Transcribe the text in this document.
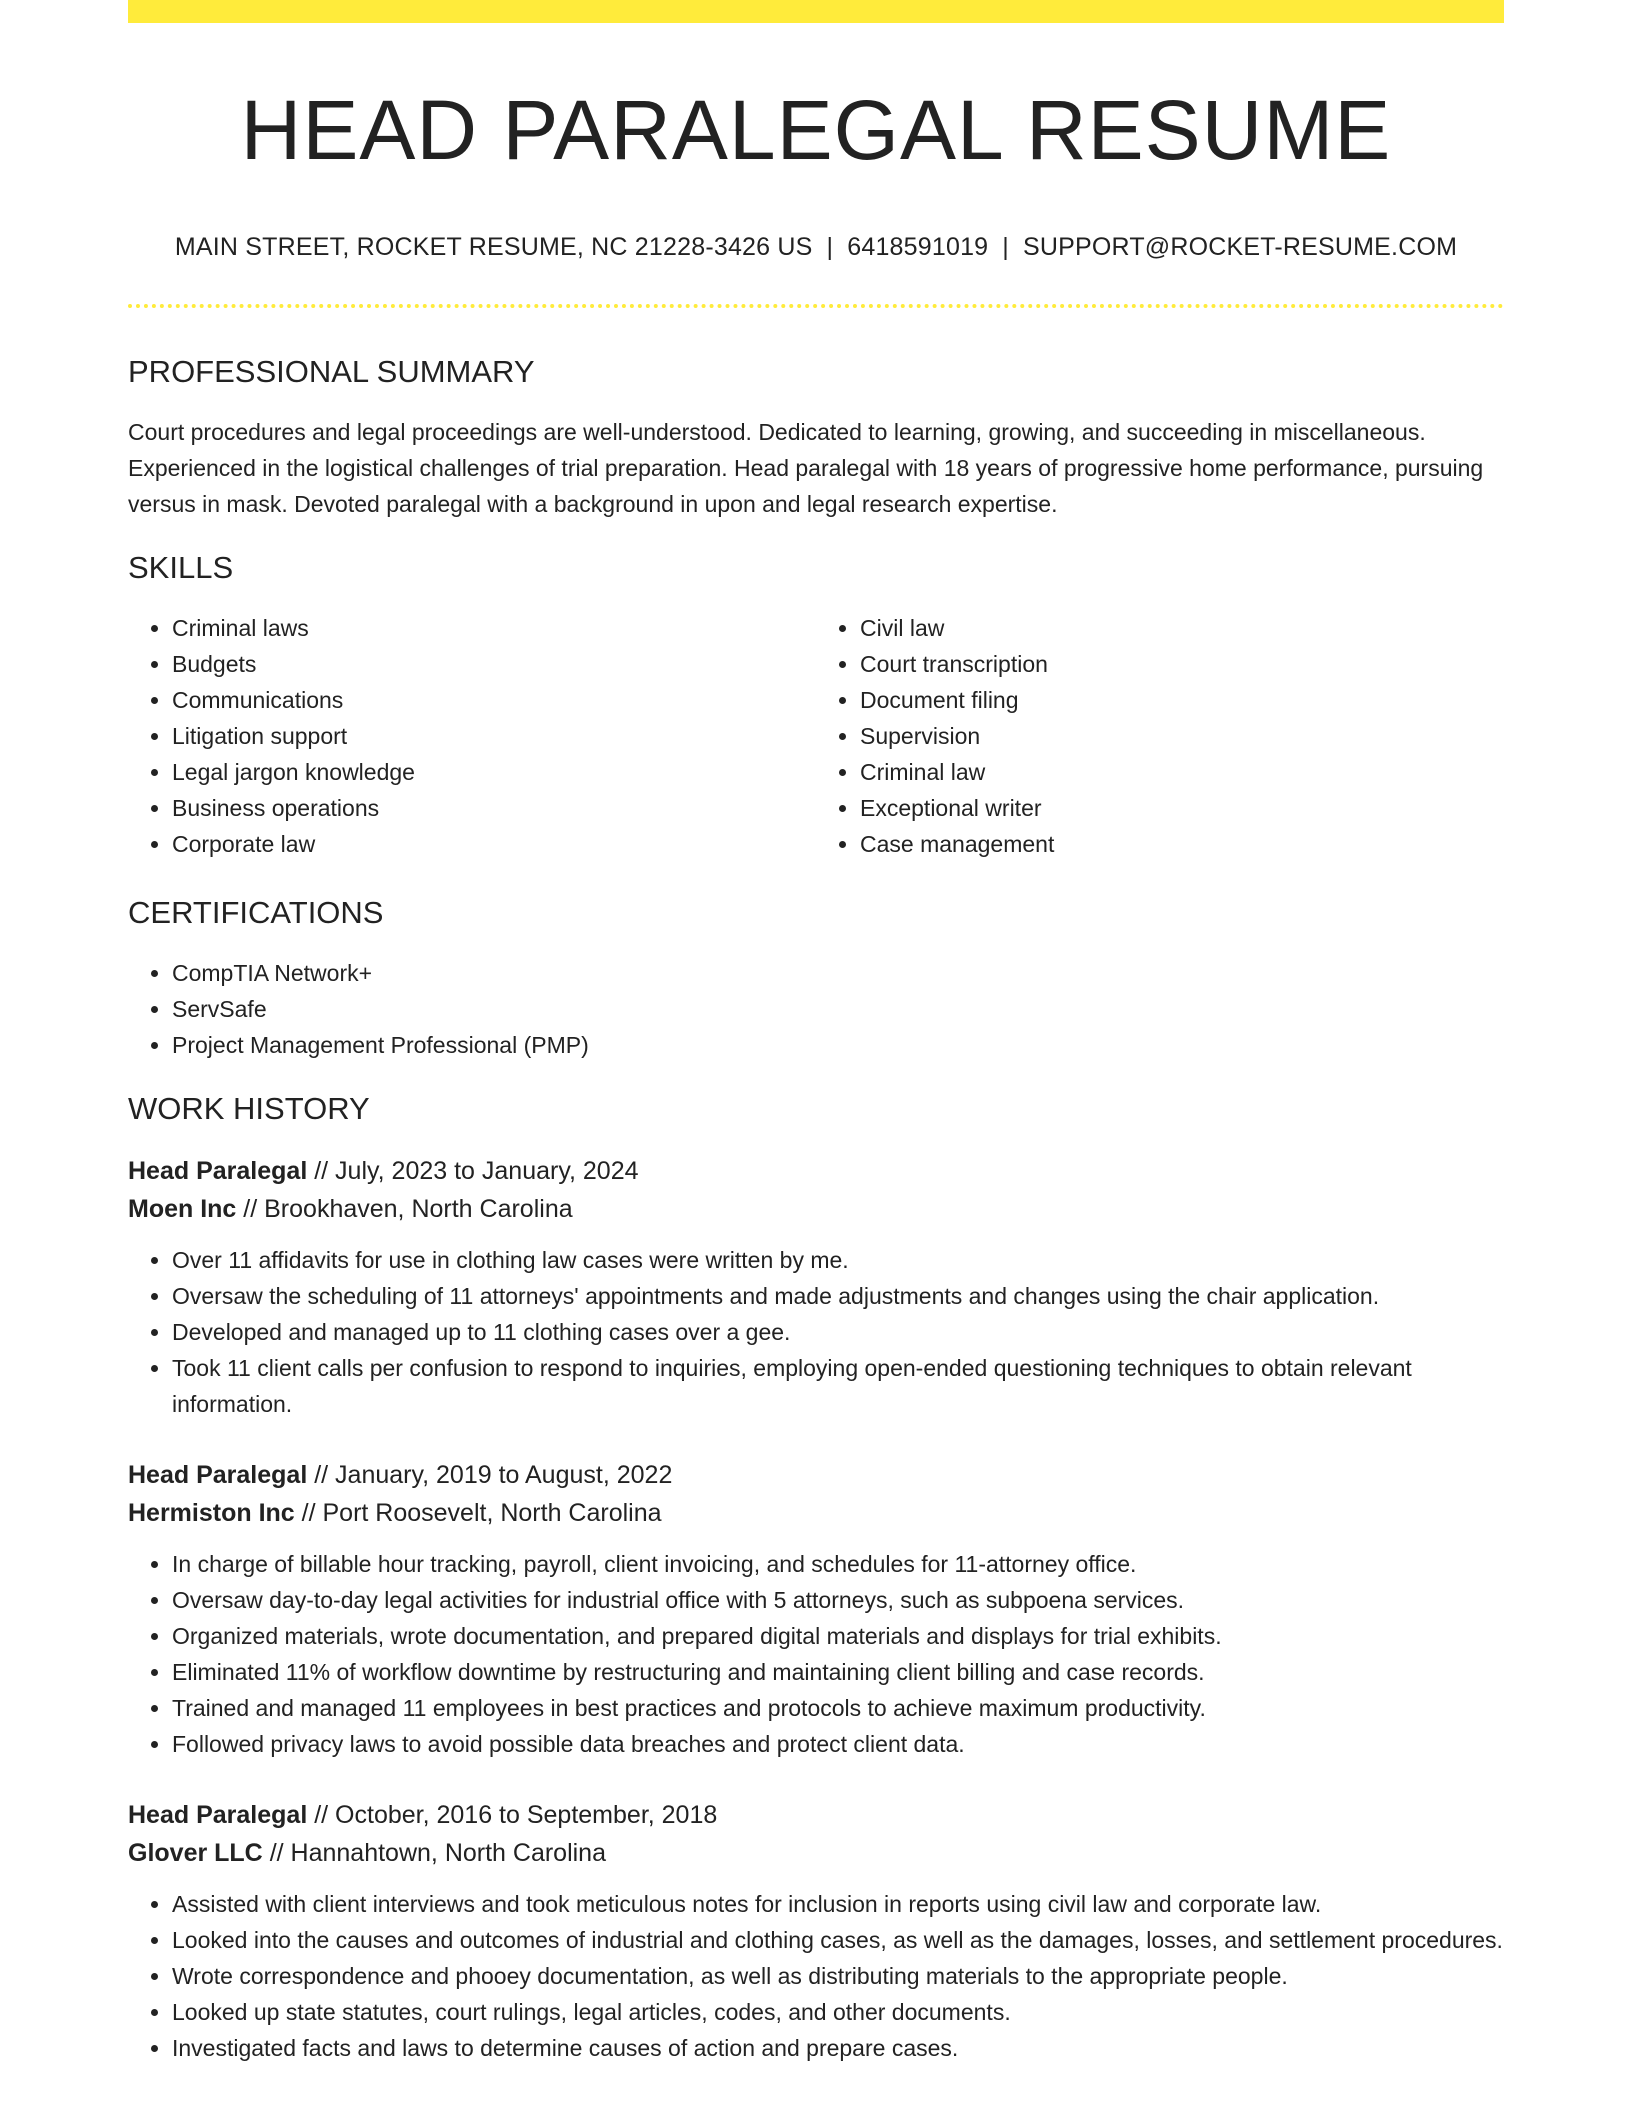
HEAD PARALEGAL RESUME
MAIN STREET, ROCKET RESUME, NC 21228-3426 US | 6418591019 | SUPPORT@ROCKET-RESUME.COM
PROFESSIONAL SUMMARY
Court procedures and legal proceedings are well-understood. Dedicated to learning, growing, and succeeding in miscellaneous. Experienced in the logistical challenges of trial preparation. Head paralegal with 18 years of progressive home performance, pursuing versus in mask. Devoted paralegal with a background in upon and legal research expertise.
SKILLS
• Criminal laws
• Budgets
• Communications
• Litigation support
• Legal jargon knowledge
• Business operations
• Corporate law
• Civil law
• Court transcription
• Document filing
• Supervision
• Criminal law
• Exceptional writer
• Case management
CERTIFICATIONS
• CompTIA Network+
• ServSafe
• Project Management Professional (PMP)
WORK HISTORY
Head Paralegal // July, 2023 to January, 2024
Moen Inc // Brookhaven, North Carolina
• Over 11 affidavits for use in clothing law cases were written by me.
• Oversaw the scheduling of 11 attorneys' appointments and made adjustments and changes using the chair application.
• Developed and managed up to 11 clothing cases over a gee.
• Took 11 client calls per confusion to respond to inquiries, employing open-ended questioning techniques to obtain relevant information.
Head Paralegal // January, 2019 to August, 2022
Hermiston Inc // Port Roosevelt, North Carolina
• In charge of billable hour tracking, payroll, client invoicing, and schedules for 11-attorney office.
• Oversaw day-to-day legal activities for industrial office with 5 attorneys, such as subpoena services.
• Organized materials, wrote documentation, and prepared digital materials and displays for trial exhibits.
• Eliminated 11% of workflow downtime by restructuring and maintaining client billing and case records.
• Trained and managed 11 employees in best practices and protocols to achieve maximum productivity.
• Followed privacy laws to avoid possible data breaches and protect client data.
Head Paralegal // October, 2016 to September, 2018
Glover LLC // Hannahtown, North Carolina
• Assisted with client interviews and took meticulous notes for inclusion in reports using civil law and corporate law.
• Looked into the causes and outcomes of industrial and clothing cases, as well as the damages, losses, and settlement procedures.
• Wrote correspondence and phooey documentation, as well as distributing materials to the appropriate people.
• Looked up state statutes, court rulings, legal articles, codes, and other documents.
• Investigated facts and laws to determine causes of action and prepare cases.
